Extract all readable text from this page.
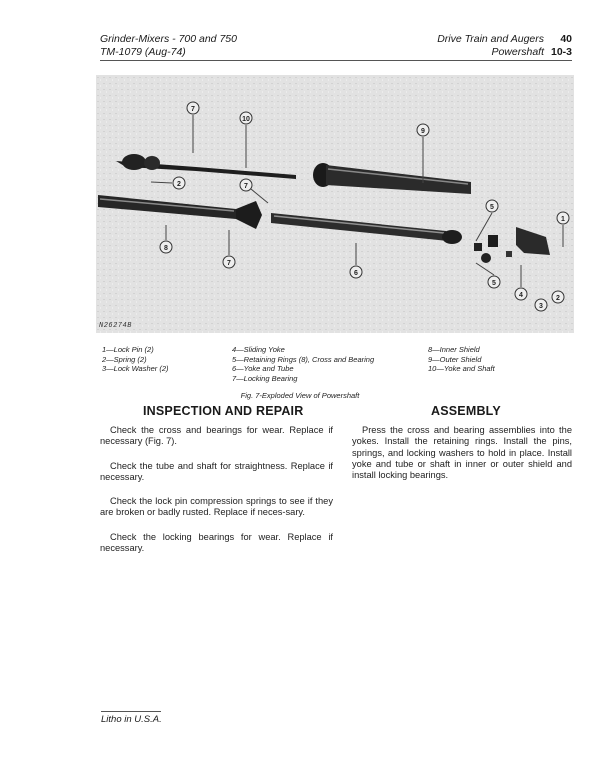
Grinder-Mixers - 700 and 750
TM-1079 (Aug-74)
Drive Train and Augers 40
Powershaft 10-3
7
10
2	7
9
8
7
6
5
5
1
4
3
2
N26274B
1—Lock Pin (2)
2—Spring (2)
3—Lock Washer (2)
4—Sliding Yoke
5—Retaining Rings (8), Cross and Bearing
6—Yoke and Tube
7—Locking Bearing
8—Inner Shield
9—Outer Shield
10—Yoke and Shaft
Fig. 7-Exploded View of Powershaft
INSPECTION AND REPAIR	ASSEMBLY

Check the cross and bearings for wear. Replace if necessary (Fig. 7).

Check the tube and shaft for straightness. Replace if necessary.

Check the lock pin compression springs to see if they are broken or badly rusted. Replace if neces-sary.

Check the locking bearings for wear. Replace if necessary.

Press the cross and bearing assemblies into the yokes. Install the retaining rings. Install the pins, springs, and locking washers to hold in place. Install yoke and tube or shaft in inner or outer shield and install locking bearings.

Litho in U.S.A.
